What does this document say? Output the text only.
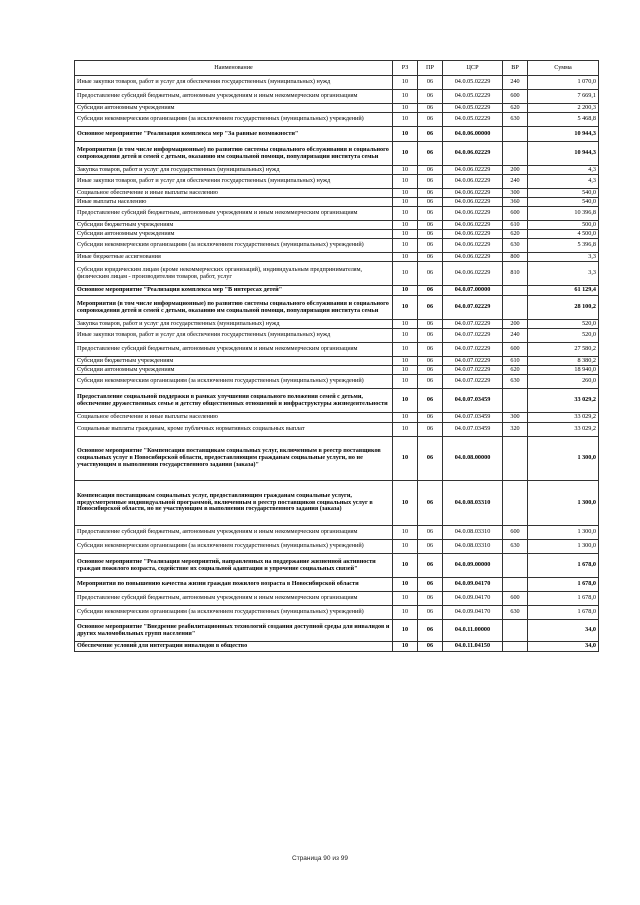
Наименование	РЗ	ПР	ЦСР	ВР	Сумма
Иные закупки товаров, работ и услуг для обеспечения государственных (муниципальных) нужд	10	06	04.0.05.02229	240	1 070,0
Предоставление субсидий бюджетным, автономным учреждениям и иным некоммерческим организациям	10	06	04.0.05.02229	600	7 669,1
Субсидии автономным учреждениям	10	06	04.0.05.02229	620	2 200,3
Субсидии некоммерческим организациям (за исключением государственных (муниципальных) учреждений)	10	06	04.0.05.02229	630	5 468,8
Основное мероприятие "Реализация комплекса мер "За равные возможности"	10	06	04.0.06.00000		10 944,3
Мероприятия (в том числе информационные) по развитию системы социального обслуживания и социального сопровождения детей и семей с детьми, оказанию им социальной помощи, популяризации института семьи	10	06	04.0.06.02229		10 944,3
Закупка товаров, работ и услуг для государственных (муниципальных) нужд	10	06	04.0.06.02229	200	4,3
Иные закупки товаров, работ и услуг для обеспечения государственных (муниципальных) нужд	10	06	04.0.06.02229	240	4,3
Социальное обеспечение и иные выплаты населению	10	06	04.0.06.02229	300	540,0
Иные выплаты населению	10	06	04.0.06.02229	360	540,0
Предоставление субсидий бюджетным, автономным учреждениям и иным некоммерческим организациям	10	06	04.0.06.02229	600	10 396,8
Субсидии бюджетным учреждениям	10	06	04.0.06.02229	610	500,0
Субсидии автономным учреждениям	10	06	04.0.06.02229	620	4 500,0
Субсидии некоммерческим организациям (за исключением государственных (муниципальных) учреждений)	10	06	04.0.06.02229	630	5 396,8
Иные бюджетные ассигнования	10	06	04.0.06.02229	800	3,3
Субсидии юридическим лицам (кроме некоммерческих организаций), индивидуальным предпринимателям, физическим лицам - производителям товаров, работ, услуг	10	06	04.0.06.02229	810	3,3
Основное мероприятие "Реализация комплекса мер "В интересах детей"	10	06	04.0.07.00000		61 129,4
Мероприятия (в том числе информационные) по развитию системы социального обслуживания и социального сопровождения детей и семей с детьми, оказанию им социальной помощи, популяризации института семьи	10	06	04.0.07.02229		28 100,2
Закупка товаров, работ и услуг для государственных (муниципальных) нужд	10	06	04.0.07.02229	200	520,0
Иные закупки товаров, работ и услуг для обеспечения государственных (муниципальных) нужд	10	06	04.0.07.02229	240	520,0
Предоставление субсидий бюджетным, автономным учреждениям и иным некоммерческим организациям	10	06	04.0.07.02229	600	27 580,2
Субсидии бюджетным учреждениям	10	06	04.0.07.02229	610	8 380,2
Субсидии автономным учреждениям	10	06	04.0.07.02229	620	18 940,0
Субсидии некоммерческим организациям (за исключением государственных (муниципальных) учреждений)	10	06	04.0.07.02229	630	260,0
Предоставление социальной поддержки в рамках улучшения социального положения семей с детьми, обеспечение дружественных семье и детству общественных отношений и инфраструктуры жизнедеятельности	10	06	04.0.07.03459		33 029,2
Социальное обеспечение и иные выплаты населению	10	06	04.0.07.03459	300	33 029,2
Социальные выплаты гражданам, кроме публичных нормативных социальных выплат	10	06	04.0.07.03459	320	33 029,2
Основное мероприятие "Компенсация поставщикам социальных услуг, включенным в реестр поставщиков социальных услуг в Новосибирской области, предоставляющим гражданам социальные услуги, но не участвующим в выполнении государственного задания (заказа)"	10	06	04.0.08.00000		1 300,0
Компенсация поставщикам социальных услуг, предоставляющим гражданам социальные услуги, предусмотренные индивидуальной программой, включенным в реестр поставщиков социальных услуг в Новосибирской области, но не участвующим в выполнении государственного задания (заказа)	10	06	04.0.08.03310		1 300,0
Предоставление субсидий бюджетным, автономным учреждениям и иным некоммерческим организациям	10	06	04.0.08.03310	600	1 300,0
Субсидии некоммерческим организациям (за исключением государственных (муниципальных) учреждений)	10	06	04.0.08.03310	630	1 300,0
Основное мероприятие "Реализация мероприятий, направленных на поддержание жизненной активности граждан пожилого возраста, содействие их социальной адаптации и упрочение социальных связей"	10	06	04.0.09.00000		1 678,0
Мероприятия по повышению качества жизни граждан пожилого возраста в Новосибирской области	10	06	04.0.09.04170		1 678,0
Предоставление субсидий бюджетным, автономным учреждениям и иным некоммерческим организациям	10	06	04.0.09.04170	600	1 678,0
Субсидии некоммерческим организациям (за исключением государственных (муниципальных) учреждений)	10	06	04.0.09.04170	630	1 678,0
Основное мероприятие "Внедрение реабилитационных технологий создания доступной среды для инвалидов и других маломобильных групп населения"	10	06	04.0.11.00000		34,0
Обеспечение условий для интеграции инвалидов в общество	10	06	04.0.11.04150		34,0
Страница 90 из 99
